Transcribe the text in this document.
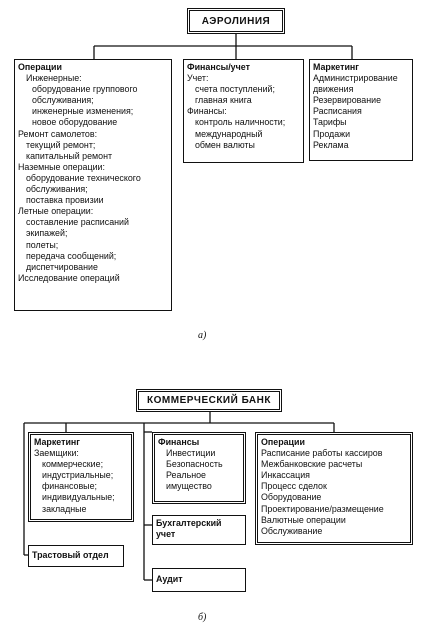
АЭРОЛИНИЯ
Операции
Инженерные:
оборудование группового
обслуживания;
инженерные изменения;
новое оборудование
Ремонт самолетов:
текущий ремонт;
капитальный ремонт
Наземные операции:
оборудование технического
обслуживания;
поставка провизии
Летные операции:
составление расписаний
экипажей;
полеты;
передача сообщений;
диспетчирование
Исследование операций
Финансы/учет
Учет:
счета поступлений;
главная книга
Финансы:
контроль наличности;
международный
обмен валюты
Маркетинг
Администрирование
движения
Резервирование
Расписания
Тарифы
Продажи
Реклама
а)
КОММЕРЧЕСКИЙ БАНК
Маркетинг
Заемщики:
коммерческие;
индустриальные;
финансовые;
индивидуальные;
закладные
Трастовый отдел
Финансы
Инвестиции
Безопасность
Реальное
имущество
Бухгалтерский
учет
Аудит
Операции
Расписание работы кассиров
Межбанковские расчеты
Инкассация
Процесс сделок
Оборудование
Проектирование/размещение
Валютные операции
Обслуживание
б)
